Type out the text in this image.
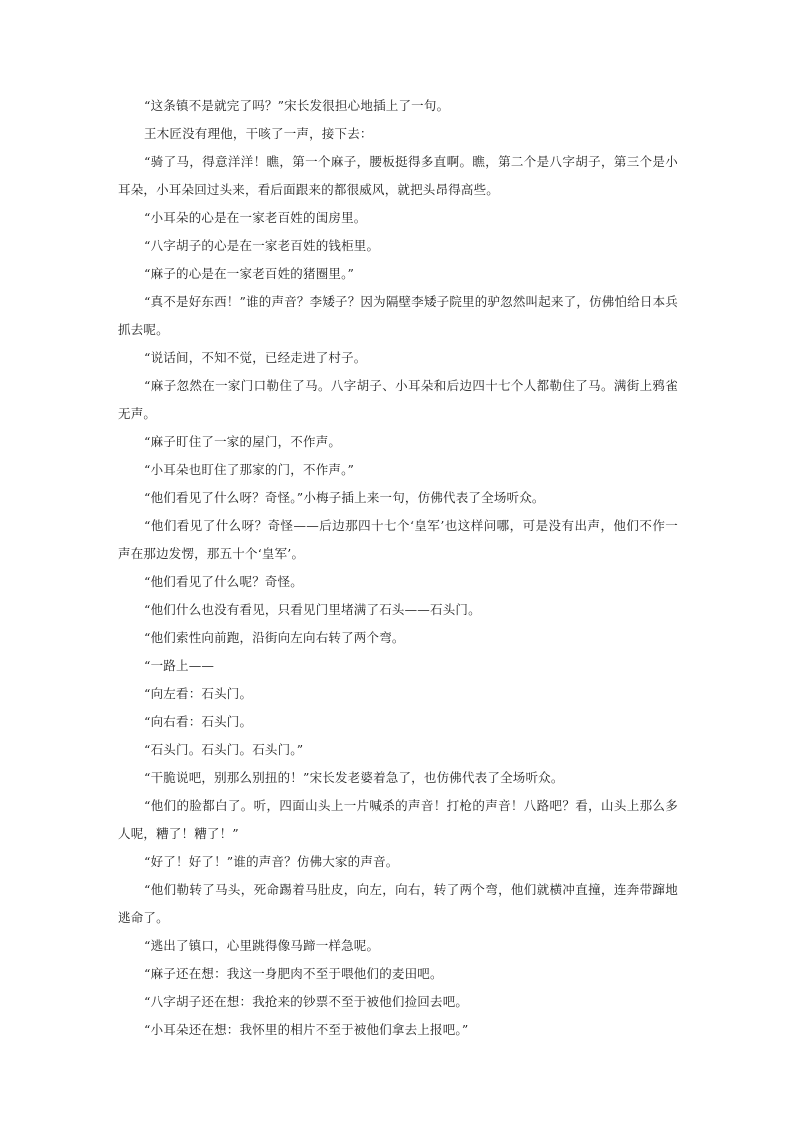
“这条镇不是就完了吗？”宋长发很担心地插上了一句。

王木匠没有理他，干咳了一声，接下去：

“骑了马，得意洋洋！瞧，第一个麻子，腰板挺得多直啊。瞧，第二个是八字胡子，第三个是小耳朵，小耳朵回过头来，看后面跟来的都很威风，就把头昂得高些。

“小耳朵的心是在一家老百姓的闺房里。

“八字胡子的心是在一家老百姓的钱柜里。

“麻子的心是在一家老百姓的猪圈里。”

“真不是好东西！”谁的声音？李矮子？因为隔壁李矮子院里的驴忽然叫起来了，仿佛怕给日本兵抓去呢。

“说话间，不知不觉，已经走进了村子。

“麻子忽然在一家门口勒住了马。八字胡子、小耳朵和后边四十七个人都勒住了马。满街上鸦雀无声。

“麻子盯住了一家的屋门，不作声。

“小耳朵也盯住了那家的门，不作声。”

“他们看见了什么呀？奇怪。”小梅子插上来一句，仿佛代表了全场听众。

“他们看见了什么呀？奇怪——后边那四十七个‘皇军’也这样问哪，可是没有出声，他们不作一声在那边发愣，那五十个‘皇军’。

“他们看见了什么呢？奇怪。

“他们什么也没有看见，只看见门里堵满了石头——石头门。

“他们索性向前跑，沿街向左向右转了两个弯。

“一路上——

“向左看：石头门。

“向右看：石头门。

“石头门。石头门。石头门。”

“干脆说吧，别那么别扭的！”宋长发老婆着急了，也仿佛代表了全场听众。

“他们的脸都白了。听，四面山头上一片喊杀的声音！打枪的声音！八路吧？看，山头上那么多人呢，糟了！糟了！”

“好了！好了！”谁的声音？仿佛大家的声音。

“他们勒转了马头，死命踢着马肚皮，向左，向右，转了两个弯，他们就横冲直撞，连奔带蹿地逃命了。

“逃出了镇口，心里跳得像马蹄一样急呢。

“麻子还在想：我这一身肥肉不至于喂他们的麦田吧。

“八字胡子还在想：我抢来的钞票不至于被他们捡回去吧。

“小耳朵还在想：我怀里的相片不至于被他们拿去上报吧。”
